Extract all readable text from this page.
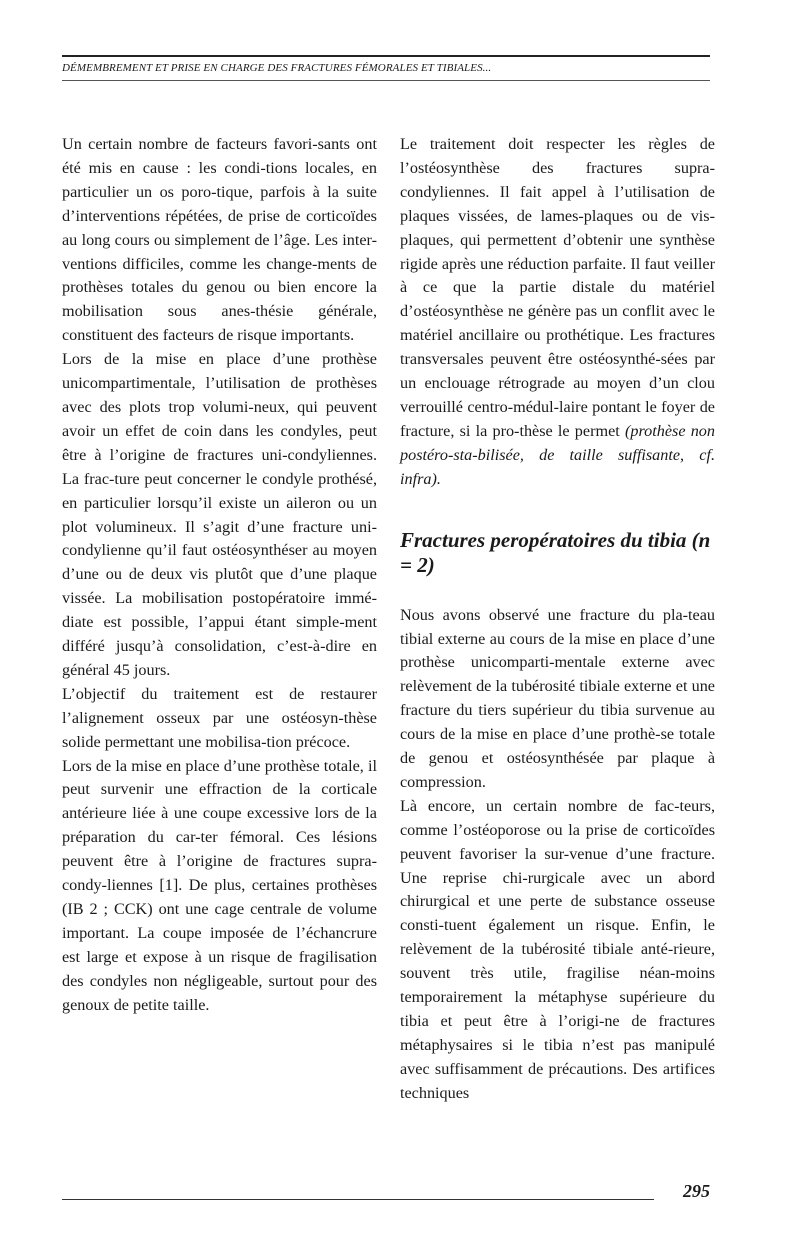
DÉMEMBREMENT ET PRISE EN CHARGE DES FRACTURES FÉMORALES ET TIBIALES...

Un certain nombre de facteurs favori-sants ont été mis en cause : les condi-tions locales, en particulier un os poro-tique, parfois à la suite d’interventions répétées, de prise de corticoïdes au long cours ou simplement de l’âge. Les inter-ventions difficiles, comme les change-ments de prothèses totales du genou ou bien encore la mobilisation sous anes-thésie générale, constituent des facteurs de risque importants.

Lors de la mise en place d’une prothèse unicompartimentale, l’utilisation de prothèses avec des plots trop volumi-neux, qui peuvent avoir un effet de coin dans les condyles, peut être à l’origine de fractures uni-condyliennes. La frac-ture peut concerner le condyle prothésé, en particulier lorsqu’il existe un aileron ou un plot volumineux. Il s’agit d’une fracture uni-condylienne qu’il faut ostéosynthéser au moyen d’une ou de deux vis plutôt que d’une plaque vissée. La mobilisation postopératoire immé-diate est possible, l’appui étant simple-ment différé jusqu’à consolidation, c’est-à-dire en général 45 jours.

L’objectif du traitement est de restaurer l’alignement osseux par une ostéosyn-thèse solide permettant une mobilisa-tion précoce.

Lors de la mise en place d’une prothèse totale, il peut survenir une effraction de la corticale antérieure liée à une coupe excessive lors de la préparation du car-ter fémoral. Ces lésions peuvent être à l’origine de fractures supra-condy-liennes [1]. De plus, certaines prothèses (IB 2 ; CCK) ont une cage centrale de volume important. La coupe imposée de l’échancrure est large et expose à un risque de fragilisation des condyles non négligeable, surtout pour des genoux de petite taille.

Le traitement doit respecter les règles de l’ostéosynthèse des fractures supra-condyliennes. Il fait appel à l’utilisation de plaques vissées, de lames-plaques ou de vis-plaques, qui permettent d’obtenir une synthèse rigide après une réduction parfaite. Il faut veiller à ce que la partie distale du matériel d’ostéosynthèse ne génère pas un conflit avec le matériel ancillaire ou prothétique. Les fractures transversales peuvent être ostéosynthé-sées par un enclouage rétrograde au moyen d’un clou verrouillé centro-médul-laire pontant le foyer de fracture, si la pro-thèse le permet (prothèse non postéro-sta-bilisée, de taille suffisante, cf. infra).

Fractures peropératoires du tibia (n = 2)

Nous avons observé une fracture du pla-teau tibial externe au cours de la mise en place d’une prothèse unicomparti-mentale externe avec relèvement de la tubérosité tibiale externe et une fracture du tiers supérieur du tibia survenue au cours de la mise en place d’une prothè-se totale de genou et ostéosynthésée par plaque à compression.

Là encore, un certain nombre de fac-teurs, comme l’ostéoporose ou la prise de corticoïdes peuvent favoriser la sur-venue d’une fracture. Une reprise chi-rurgicale avec un abord chirurgical et une perte de substance osseuse consti-tuent également un risque. Enfin, le relèvement de la tubérosité tibiale anté-rieure, souvent très utile, fragilise néan-moins temporairement la métaphyse supérieure du tibia et peut être à l’origi-ne de fractures métaphysaires si le tibia n’est pas manipulé avec suffisamment de précautions. Des artifices techniques

295
